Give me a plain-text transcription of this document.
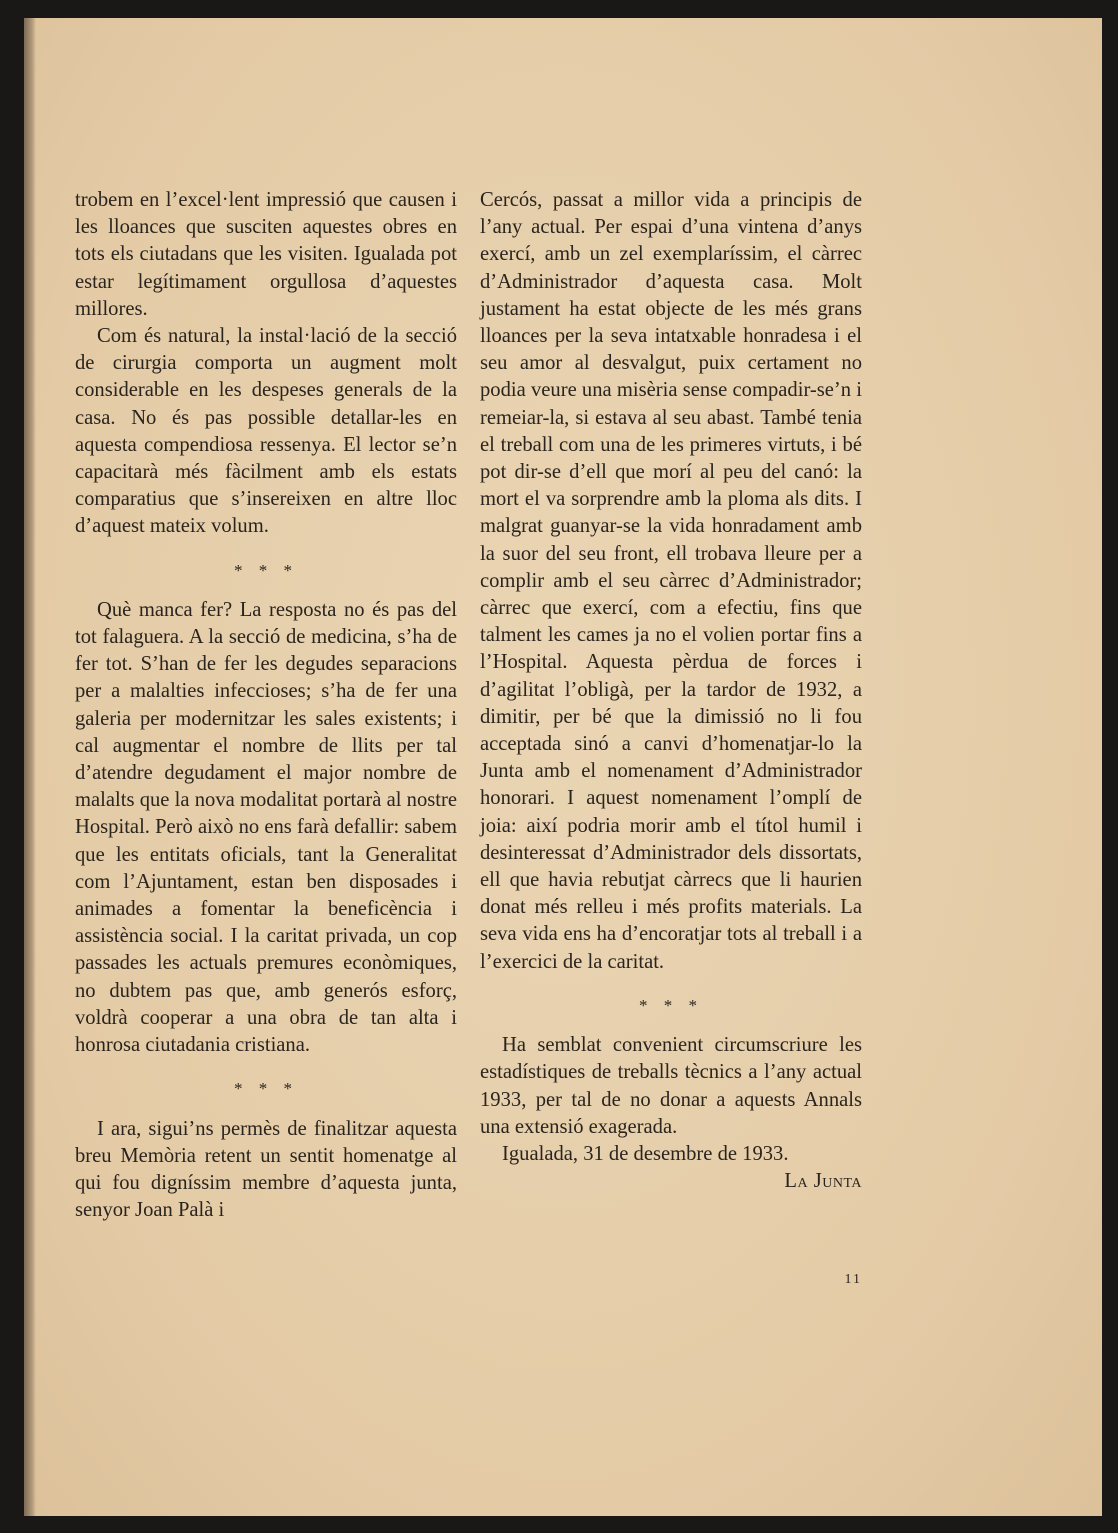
trobem en l’excel·lent impressió que causen i les lloances que susciten aquestes obres en tots els ciutadans que les visiten. Igualada pot estar legítimament orgullosa d’aquestes millores.

Com és natural, la instal·lació de la secció de cirurgia comporta un augment molt considerable en les despeses generals de la casa. No és pas possible detallar-les en aquesta compendiosa ressenya. El lector se’n capacitarà més fàcilment amb els estats comparatius que s’insereixen en altre lloc d’aquest mateix volum.

* * *

Què manca fer? La resposta no és pas del tot falaguera. A la secció de medicina, s’ha de fer tot. S’han de fer les degudes separacions per a malalties infeccioses; s’ha de fer una galeria per modernitzar les sales existents; i cal augmentar el nombre de llits per tal d’atendre degudament el major nombre de malalts que la nova modalitat portarà al nostre Hospital. Però això no ens farà defallir: sabem que les entitats oficials, tant la Generalitat com l’Ajuntament, estan ben disposades i animades a fomentar la beneficència i assistència social. I la caritat privada, un cop passades les actuals premures econòmiques, no dubtem pas que, amb generós esforç, voldrà cooperar a una obra de tan alta i honrosa ciutadania cristiana.

* * *

I ara, sigui’ns permès de finalitzar aquesta breu Memòria retent un sentit homenatge al qui fou digníssim membre d’aquesta junta, senyor Joan Palà i

Cercós, passat a millor vida a principis de l’any actual. Per espai d’una vintena d’anys exercí, amb un zel exemplaríssim, el càrrec d’Administrador d’aquesta casa. Molt justament ha estat objecte de les més grans lloances per la seva intatxable honradesa i el seu amor al desvalgut, puix certament no podia veure una misèria sense compadir-se’n i remeiar-la, si estava al seu abast. També tenia el treball com una de les primeres virtuts, i bé pot dir-se d’ell que morí al peu del canó: la mort el va sorprendre amb la ploma als dits. I malgrat guanyar-se la vida honradament amb la suor del seu front, ell trobava lleure per a complir amb el seu càrrec d’Administrador; càrrec que exercí, com a efectiu, fins que talment les cames ja no el volien portar fins a l’Hospital. Aquesta pèrdua de forces i d’agilitat l’obligà, per la tardor de 1932, a dimitir, per bé que la dimissió no li fou acceptada sinó a canvi d’homenatjar-lo la Junta amb el nomenament d’Administrador honorari. I aquest nomenament l’omplí de joia: així podria morir amb el títol humil i desinteressat d’Administrador dels dissortats, ell que havia rebutjat càrrecs que li haurien donat més relleu i més profits materials. La seva vida ens ha d’encoratjar tots al treball i a l’exercici de la caritat.

* * *

Ha semblat convenient circumscriure les estadístiques de treballs tècnics a l’any actual 1933, per tal de no donar a aquests Annals una extensió exagerada.

Igualada, 31 de desembre de 1933.

La Junta
11
